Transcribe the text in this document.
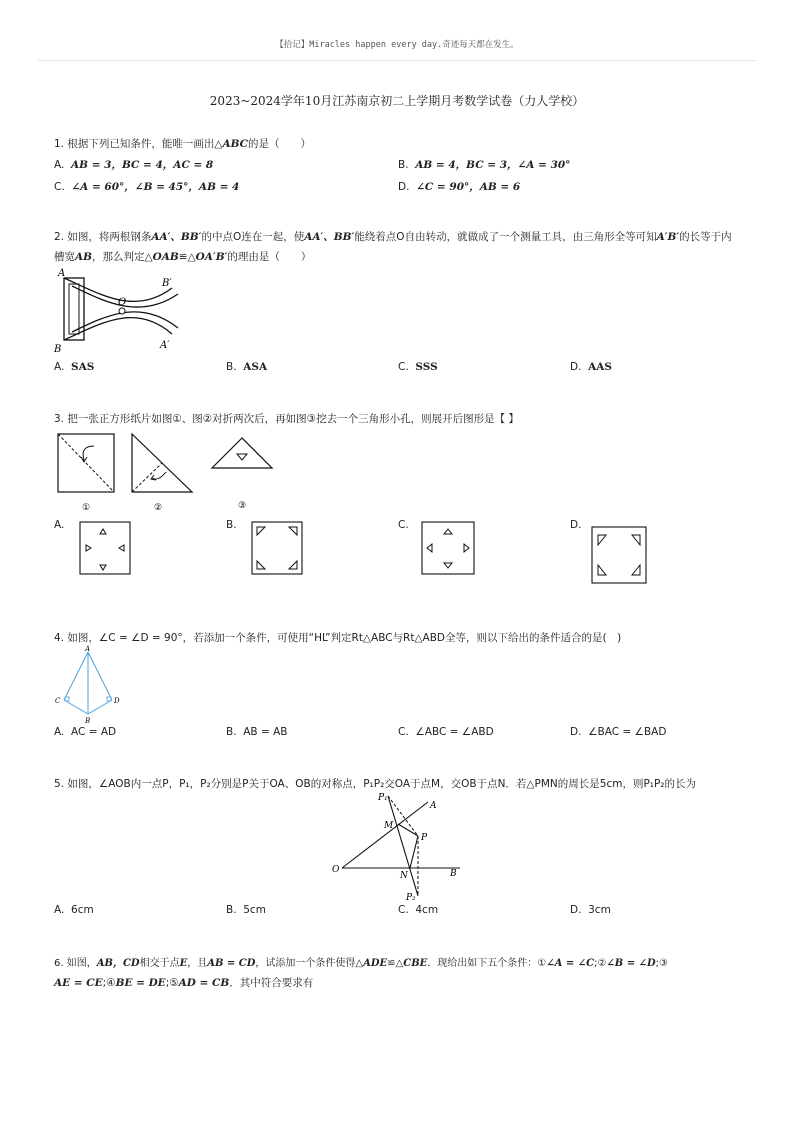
【拾记】Miracles happen every day.奇迹每天都在发生。
2023~2024学年10月江苏南京初二上学期月考数学试卷（力人学校）
1. 根据下列已知条件，能唯一画出△ABC的是（　　）
A. AB = 3，BC = 4，AC = 8	B. AB = 4，BC = 3，∠A = 30°
C. ∠A = 60°，∠B = 45°，AB = 4	D. ∠C = 90°，AB = 6
2. 如图，将两根钢条AA′、BB′的中点O连在一起，使AA′、BB′能绕着点O自由转动，就做成了一个测量工具，由三角形全等可知A′B′的长等于内
槽宽AB，那么判定△OAB≌△OA′B′的理由是（　　）
A
B
O
B′
A′
A. SAS	B. ASA	C. SSS	D. AAS
3. 把一张正方形纸片如图①、图②对折两次后，再如图③挖去一个三角形小孔，则展开后图形是【 】
①	②	③
A.	B.	C.	D.
4. 如图，∠C = ∠D = 90°，若添加一个条件，可使用“HL”判定Rt△ABC与Rt△ABD全等，则以下给出的条件适合的是(　)
A
C	D
B
A. AC = AD	B. AB = AB	C. ∠ABC = ∠ABD	D. ∠BAC = ∠BAD
5. 如图，∠AOB内一点P，P₁，P₂分别是P关于OA、OB的对称点，P₁P₂交OA于点M，交OB于点N．若△PMN的周长是5cm，则P₁P₂的长为
P₁
A
M
P
O
N	B
P₂
A. 6cm	B. 5cm	C. 4cm	D. 3cm
6. 如图，AB，CD相交于点E，且AB = CD，试添加一个条件使得△ADE≌△CBE．现给出如下五个条件：①∠A = ∠C;②∠B = ∠D;③
AE = CE;④BE = DE;⑤AD = CB．其中符合要求有
